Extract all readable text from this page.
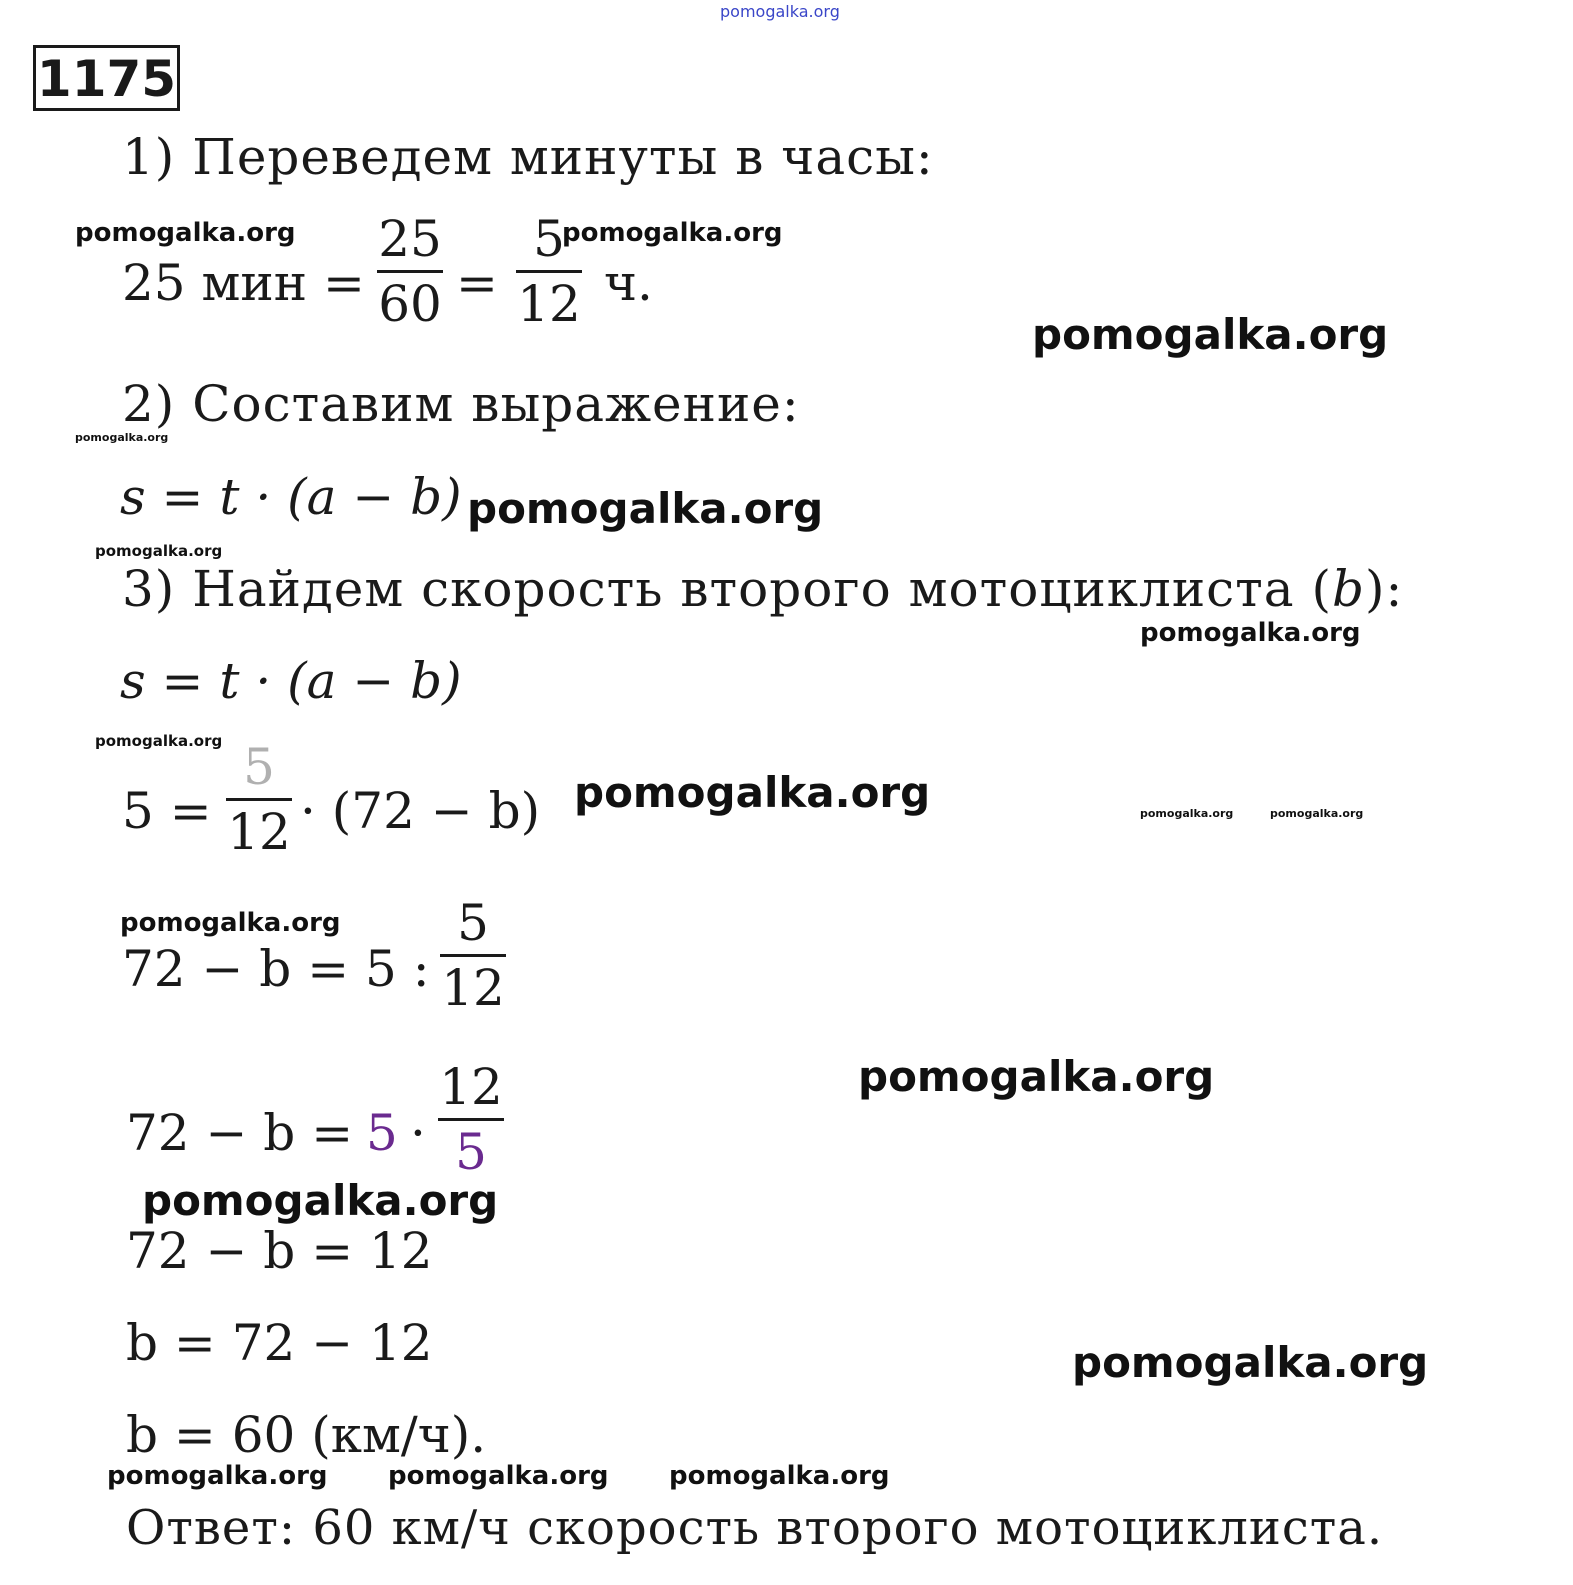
pomogalka.org
1175
1) Переведем минуты в часы:
pomogalka.org	pomogalka.org
25 мин =
25
60 =
5
12 ч.
pomogalka.org
2) Составим выражение:
pomogalka.org
s = t · (a − b) pomogalka.org
pomogalka.org
3) Найдем скорость второго мотоциклиста (b):
pomogalka.org
s = t · (a − b)
pomogalka.org
5 =
5
12 · (72 − b) pomogalka.org	pomogalka.org	pomogalka.org
pomogalka.org
72 − b = 5 :
5
12
pomogalka.org
72 − b = 5 ·
12
5
pomogalka.org
72 − b = 12
b = 72 − 12	pomogalka.org
b = 60 (км/ч).
pomogalka.org pomogalka.org pomogalka.org
Ответ: 60 км/ч скорость второго мотоциклиста.
